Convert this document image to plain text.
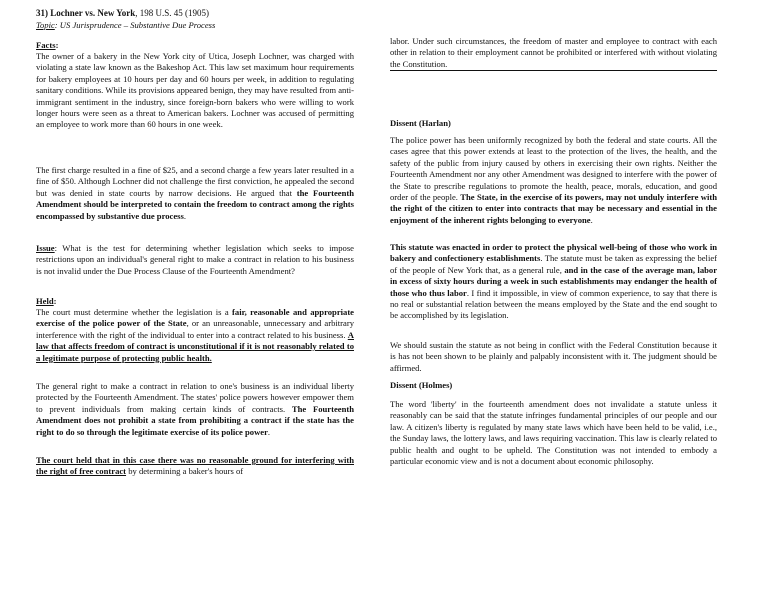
31) Lochner vs. New York, 198 U.S. 45 (1905)

Topic: US Jurisprudence – Substantive Due Process

Facts:

The owner of a bakery in the New York city of Utica, Joseph Lochner, was charged with violating a state law known as the Bakeshop Act. This law set maximum hour requirements for bakery employees at 10 hours per day and 60 hours per week, in addition to regulating sanitary conditions. While its provisions appeared benign, they may have resulted from anti-immigrant sentiment in the industry, since foreign-born bakers who were willing to work longer hours were seen as a threat to American bakers. Lochner was accused of permitting an employee to work more than 60 hours in one week.

The first charge resulted in a fine of $25, and a second charge a few years later resulted in a fine of $50. Although Lochner did not challenge the first conviction, he appealed the second but was denied in state courts by narrow decisions. He argued that the Fourteenth Amendment should be interpreted to contain the freedom to contract among the rights encompassed by substantive due process.

Issue: What is the test for determining whether legislation which seeks to impose restrictions upon an individual's general right to make a contract in relation to his business is not invalid under the Due Process Clause of the Fourteenth Amendment?

Held:

The court must determine whether the legislation is a fair, reasonable and appropriate exercise of the police power of the State, or an unreasonable, unnecessary and arbitrary interference with the right of the individual to enter into a contract related to his business. A law that affects freedom of contract is unconstitutional if it is not reasonably related to a legitimate purpose of protecting public health.

The general right to make a contract in relation to one's business is an individual liberty protected by the Fourteenth Amendment. The states' police powers however empower them to prevent individuals from making certain kinds of contracts. The Fourteenth Amendment does not prohibit a state from prohibiting a contract if the state has the right to do so through the legitimate exercise of its police power.

The court held that in this case there was no reasonable ground for interfering with the right of free contract by determining a baker's hours of

labor. Under such circumstances, the freedom of master and employee to contract with each other in relation to their employment cannot be prohibited or interfered with without violating the Constitution.

Dissent (Harlan)

The police power has been uniformly recognized by both the federal and state courts. All the cases agree that this power extends at least to the protection of the lives, the health, and the safety of the public from injury caused by others in exercising their own rights. Neither the Fourteenth Amendment nor any other Amendment was designed to interfere with the power of the State to prescribe regulations to promote the health, peace, morals, education, and good order of the people. The State, in the exercise of its powers, may not unduly interfere with the right of the citizen to enter into contracts that may be necessary and essential in the enjoyment of the inherent rights belonging to everyone.

This statute was enacted in order to protect the physical well-being of those who work in bakery and confectionery establishments. The statute must be taken as expressing the belief of the people of New York that, as a general rule, and in the case of the average man, labor in excess of sixty hours during a week in such establishments may endanger the health of those who thus labor. I find it impossible, in view of common experience, to say that there is no real or substantial relation between the means employed by the State and the end sought to be accomplished by its legislation.

We should sustain the statute as not being in conflict with the Federal Constitution because it is has not been shown to be plainly and palpably inconsistent with it. The judgment should be affirmed.

Dissent (Holmes)

The word 'liberty' in the fourteenth amendment does not invalidate a statute unless it reasonably can be said that the statute infringes fundamental principles of our people and our law. A citizen's liberty is regulated by many state laws which have been held to be valid, i.e., the Sunday laws, the lottery laws, and laws requiring vaccination. This law is clearly related to public health and ought to be upheld. The Constitution was not intended to embody a particular economic view and is not a document about economic philosophy.
